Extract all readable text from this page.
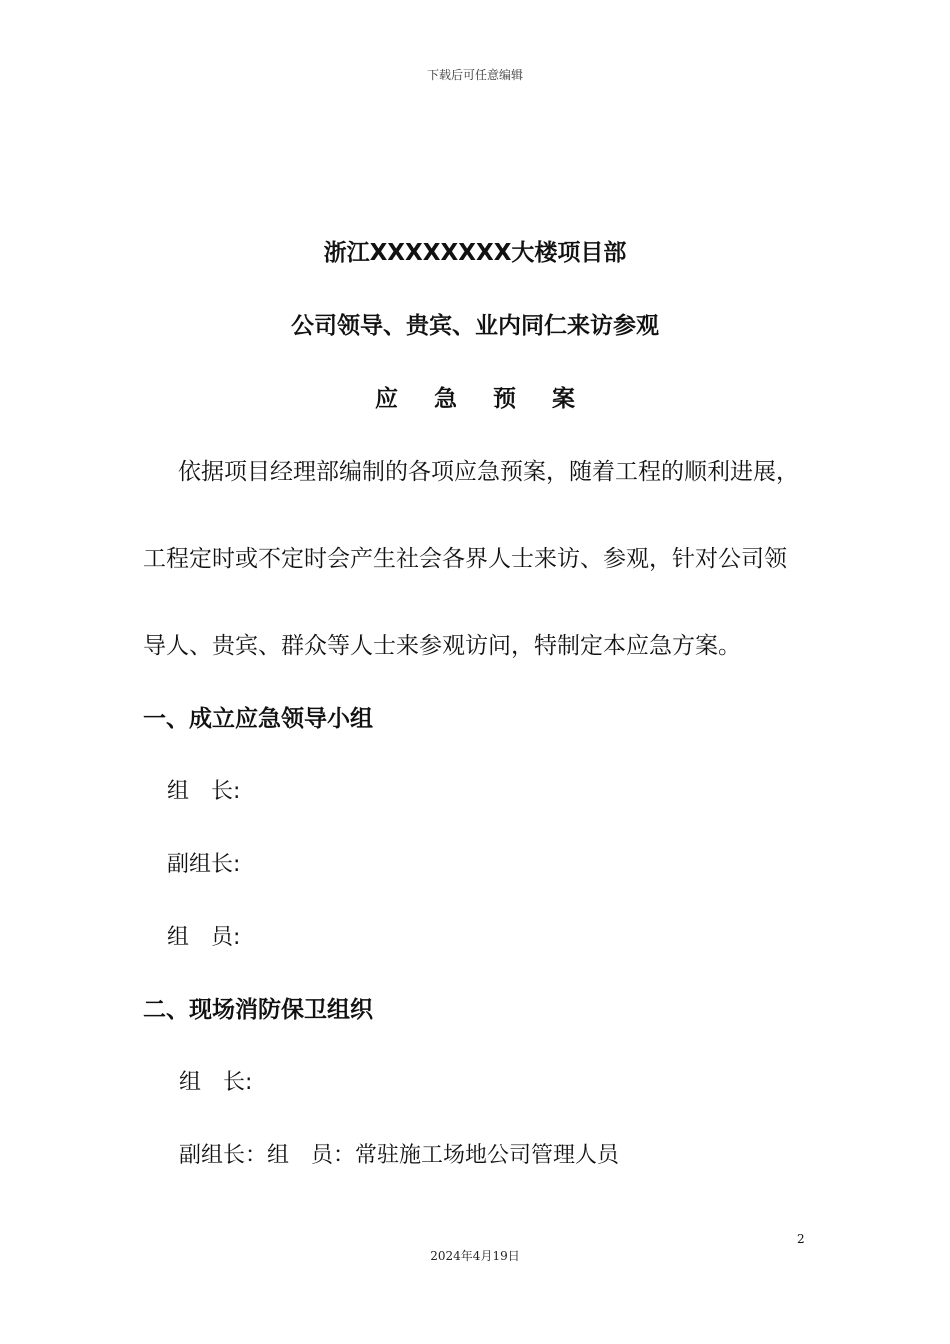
下载后可任意编辑
浙江XXXXXXXX大楼项目部
公司领导、贵宾、业内同仁来访参观
应 急 预 案
依据项目经理部编制的各项应急预案，随着工程的顺利进展，
工程定时或不定时会产生社会各界人士来访、参观，针对公司领
导人、贵宾、群众等人士来参观访问，特制定本应急方案。
一、成立应急领导小组
组　长:
副组长:
组　员:
二、现场消防保卫组织
组　长:
副组长：组　员：常驻施工场地公司管理人员
2
2024年4月19日
